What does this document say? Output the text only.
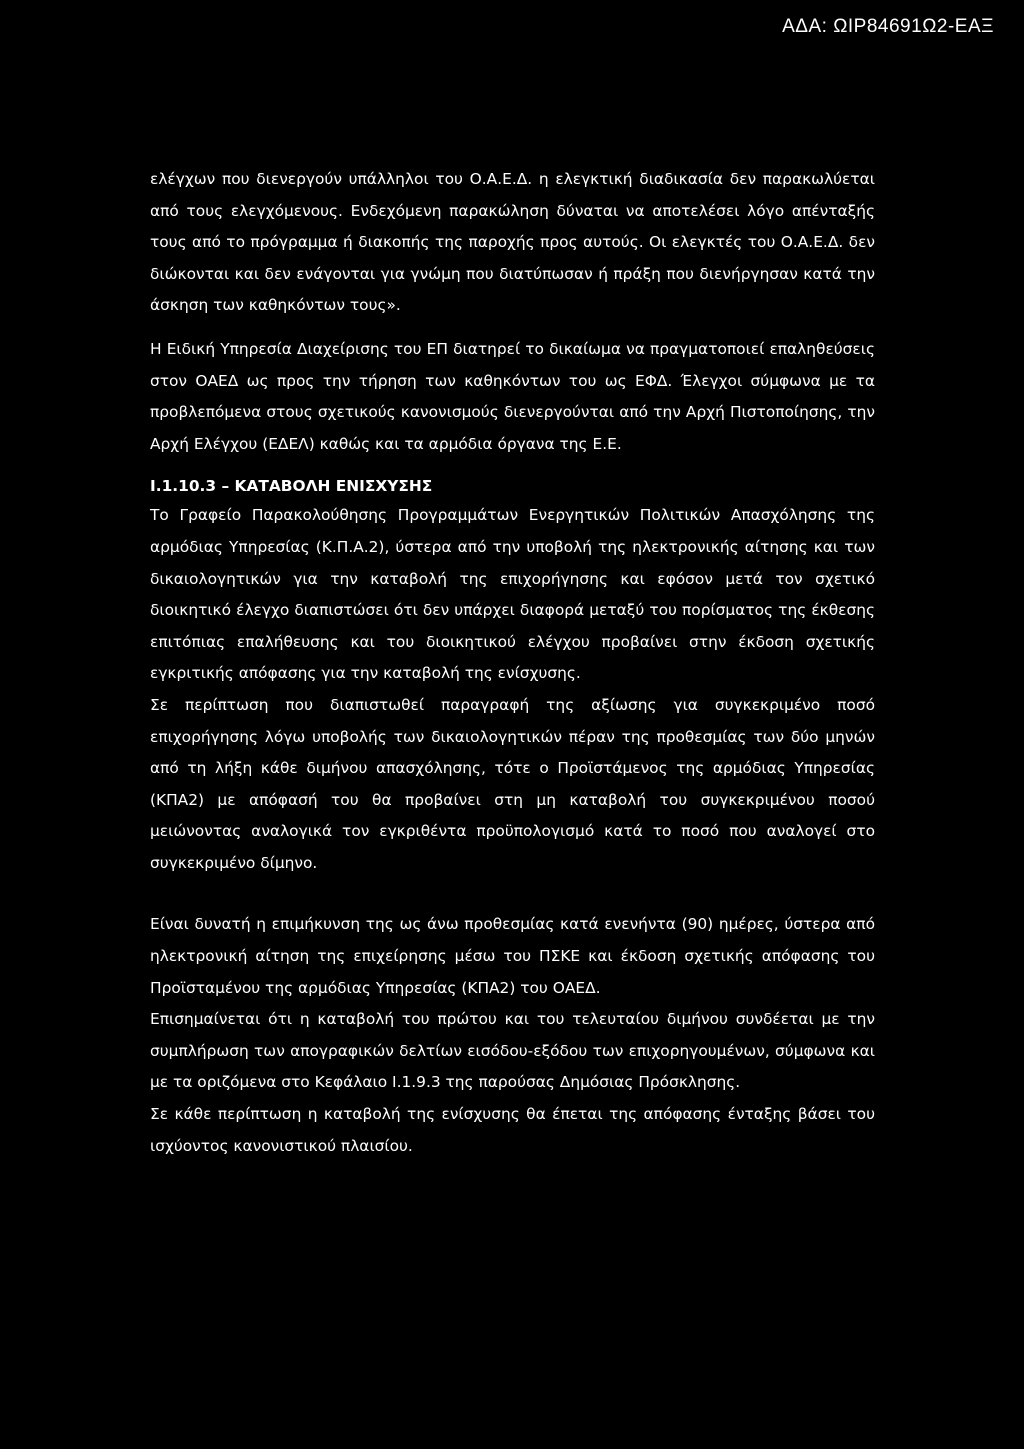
ΑΔΑ: ΩΙΡ84691Ω2-ΕΑΞ

ελέγχων που διενεργούν υπάλληλοι του Ο.Α.Ε.Δ. η ελεγκτική διαδικασία δεν παρακωλύεται από τους ελεγχόμενους. Ενδεχόμενη παρακώληση δύναται να αποτελέσει λόγο απένταξής τους από το πρόγραμμα ή διακοπής της παροχής προς αυτούς. Οι ελεγκτές του Ο.Α.Ε.Δ. δεν διώκονται και δεν ενάγονται για γνώμη που διατύπωσαν ή πράξη που διενήργησαν κατά την άσκηση των καθηκόντων τους».

Η Ειδική Υπηρεσία Διαχείρισης του ΕΠ διατηρεί το δικαίωμα να πραγματοποιεί επαληθεύσεις στον ΟΑΕΔ ως προς την τήρηση των καθηκόντων του ως ΕΦΔ. Έλεγχοι σύμφωνα με τα προβλεπόμενα στους σχετικούς κανονισμούς διενεργούνται από την Αρχή Πιστοποίησης, την Αρχή Ελέγχου (ΕΔΕΛ) καθώς και τα αρμόδια όργανα της Ε.Ε.

Ι.1.10.3 – ΚΑΤΑΒΟΛΗ ΕΝΙΣΧΥΣΗΣ

Το Γραφείο Παρακολούθησης Προγραμμάτων Ενεργητικών Πολιτικών Απασχόλησης της αρμόδιας Υπηρεσίας (Κ.Π.Α.2), ύστερα από την υποβολή της ηλεκτρονικής αίτησης και των δικαιολογητικών για την καταβολή της επιχορήγησης και εφόσον μετά τον σχετικό διοικητικό έλεγχο διαπιστώσει ότι δεν υπάρχει διαφορά μεταξύ του πορίσματος της έκθεσης επιτόπιας επαλήθευσης και του διοικητικού ελέγχου προβαίνει στην έκδοση σχετικής εγκριτικής απόφασης για την καταβολή της ενίσχυσης.

Σε περίπτωση που διαπιστωθεί παραγραφή της αξίωσης για συγκεκριμένο ποσό επιχορήγησης λόγω υποβολής των δικαιολογητικών πέραν της προθεσμίας των δύο μηνών από τη λήξη κάθε διμήνου απασχόλησης, τότε ο Προϊστάμενος της αρμόδιας Υπηρεσίας (ΚΠΑ2) με απόφασή του θα προβαίνει στη μη καταβολή του συγκεκριμένου ποσού μειώνοντας αναλογικά τον εγκριθέντα προϋπολογισμό κατά το ποσό που αναλογεί στο συγκεκριμένο δίμηνο.

Είναι δυνατή η επιμήκυνση της ως άνω προθεσμίας κατά ενενήντα (90) ημέρες, ύστερα από ηλεκτρονική αίτηση της επιχείρησης μέσω του ΠΣΚΕ και έκδοση σχετικής απόφασης του Προϊσταμένου της αρμόδιας Υπηρεσίας (ΚΠΑ2) του ΟΑΕΔ.

Επισημαίνεται ότι η καταβολή του πρώτου και του τελευταίου διμήνου συνδέεται με την συμπλήρωση των απογραφικών δελτίων εισόδου-εξόδου των επιχορηγουμένων, σύμφωνα και με τα οριζόμενα στο Κεφάλαιο Ι.1.9.3 της παρούσας Δημόσιας Πρόσκλησης.

Σε κάθε περίπτωση η καταβολή της ενίσχυσης θα έπεται της απόφασης ένταξης βάσει του ισχύοντος κανονιστικού πλαισίου.
